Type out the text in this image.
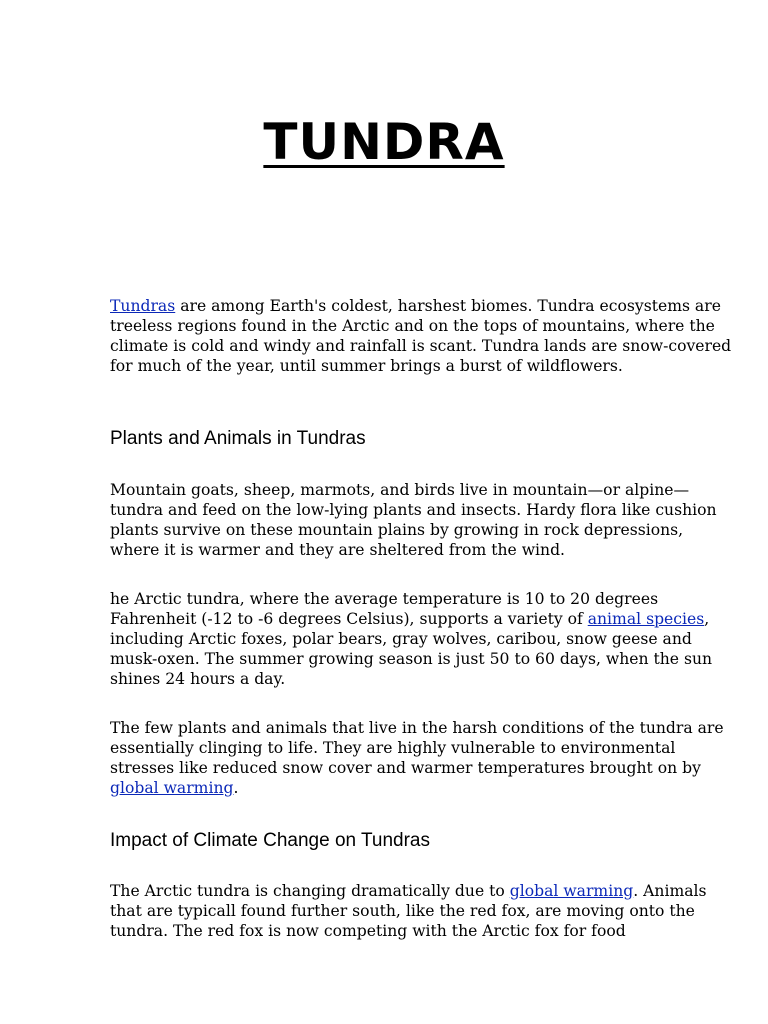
TUNDRA

Tundras are among Earth's coldest, harshest biomes. Tundra ecosystems are treeless regions found in the Arctic and on the tops of mountains, where the climate is cold and windy and rainfall is scant. Tundra lands are snow-covered for much of the year, until summer brings a burst of wildflowers.

Plants and Animals in Tundras

Mountain goats, sheep, marmots, and birds live in mountain—or alpine—tundra and feed on the low-lying plants and insects. Hardy flora like cushion plants survive on these mountain plains by growing in rock depressions, where it is warmer and they are sheltered from the wind.

he Arctic tundra, where the average temperature is 10 to 20 degrees Fahrenheit (-12 to -6 degrees Celsius), supports a variety of animal species, including Arctic foxes, polar bears, gray wolves, caribou, snow geese and musk-oxen. The summer growing season is just 50 to 60 days, when the sun shines 24 hours a day.

The few plants and animals that live in the harsh conditions of the tundra are essentially clinging to life. They are highly vulnerable to environmental stresses like reduced snow cover and warmer temperatures brought on by global warming.

Impact of Climate Change on Tundras

The Arctic tundra is changing dramatically due to global warming. Animals that are typicall found further south, like the red fox, are moving onto the tundra. The red fox is now competing with the Arctic fox for food
